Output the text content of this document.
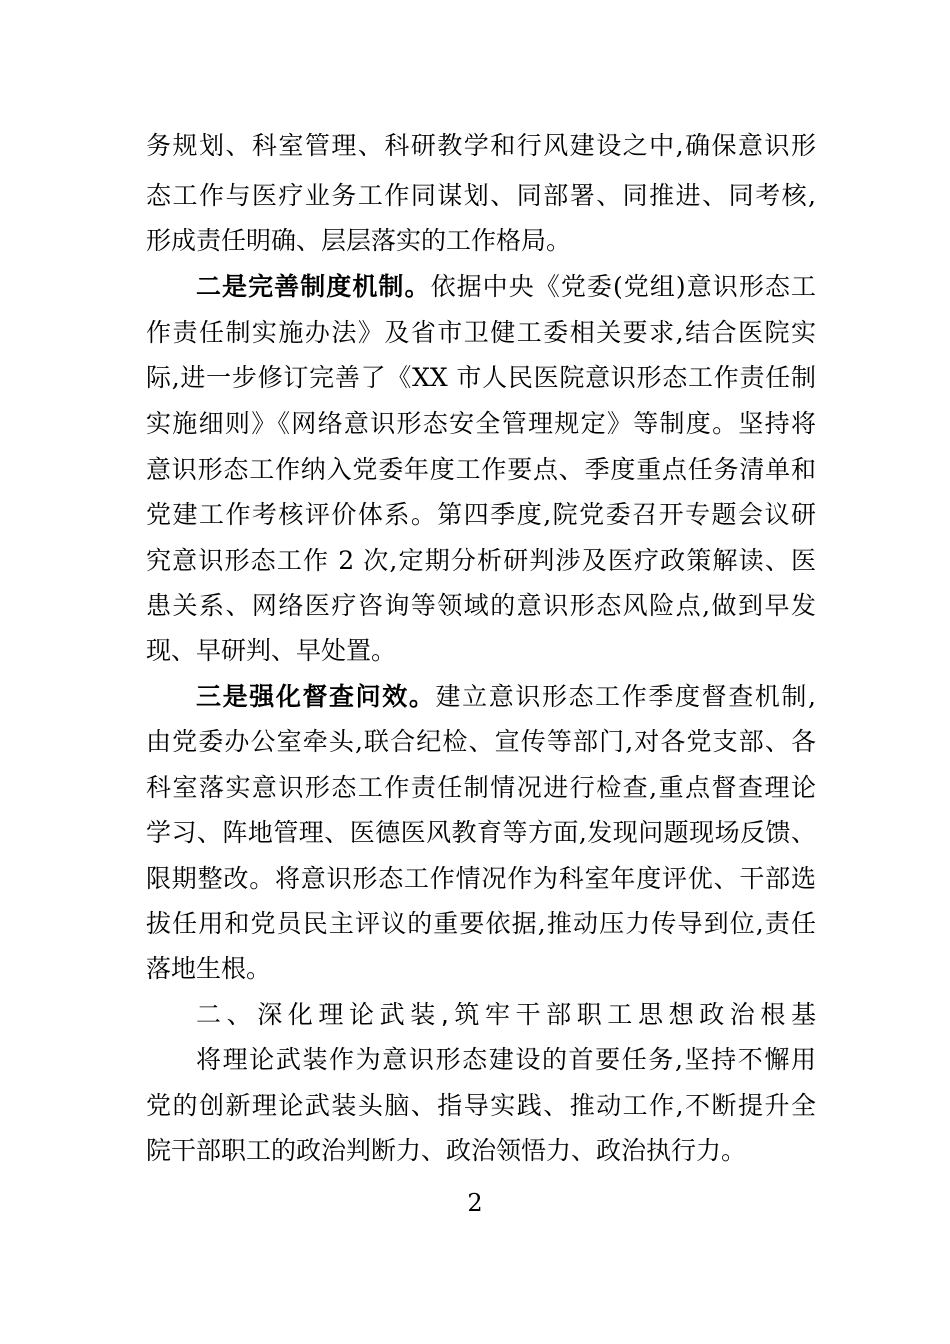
务规划、科室管理、科研教学和行风建设之中,确保意识形
态工作与医疗业务工作同谋划、同部署、同推进、同考核,
形成责任明确、层层落实的工作格局。
二是完善制度机制。依据中央《党委(党组)意识形态工
作责任制实施办法》及省市卫健工委相关要求,结合医院实
际,进一步修订完善了《XX 市人民医院意识形态工作责任制
实施细则》《网络意识形态安全管理规定》等制度。坚持将
意识形态工作纳入党委年度工作要点、季度重点任务清单和
党建工作考核评价体系。第四季度,院党委召开专题会议研
究意识形态工作 2 次,定期分析研判涉及医疗政策解读、医
患关系、网络医疗咨询等领域的意识形态风险点,做到早发
现、早研判、早处置。
三是强化督查问效。建立意识形态工作季度督查机制,
由党委办公室牵头,联合纪检、宣传等部门,对各党支部、各
科室落实意识形态工作责任制情况进行检查,重点督查理论
学习、阵地管理、医德医风教育等方面,发现问题现场反馈、
限期整改。将意识形态工作情况作为科室年度评优、干部选
拔任用和党员民主评议的重要依据,推动压力传导到位,责任
落地生根。
二、深化理论武装,筑牢干部职工思想政治根基
将理论武装作为意识形态建设的首要任务,坚持不懈用
党的创新理论武装头脑、指导实践、推动工作,不断提升全
院干部职工的政治判断力、政治领悟力、政治执行力。
2
